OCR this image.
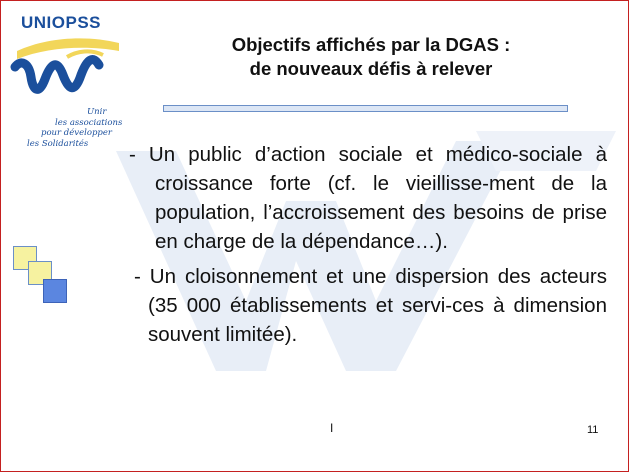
UNIOPSS
Unir
les associations
pour développer
les Solidarités
Objectifs affichés par la DGAS :
de nouveaux défis à relever

- Un public d’action sociale et médico-sociale à croissance forte (cf. le vieillisse-ment de la population, l’accroissement des besoins de prise en charge de la dépendance…).

- Un cloisonnement et une dispersion des acteurs (35 000 établissements et servi-ces à dimension souvent limitée).

I	11
